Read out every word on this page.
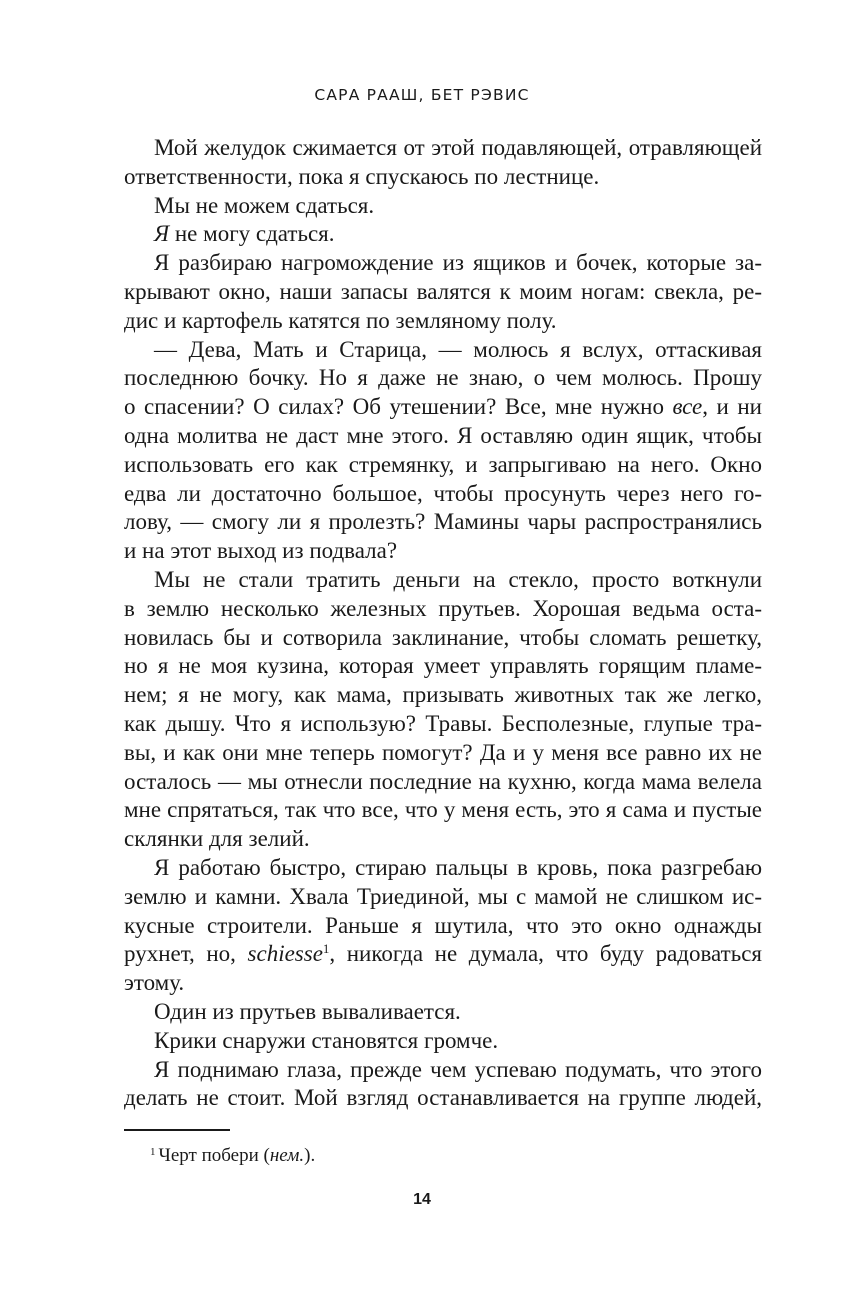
САРА РААШ, БЕТ РЭВИС
Мой желудок сжимается от этой подавляющей, отравляющей
ответственности, пока я спускаюсь по лестнице.
Мы не можем сдаться.
Я не могу сдаться.
Я разбираю нагромождение из ящиков и бочек, которые за-
крывают окно, наши запасы валятся к моим ногам: свекла, ре-
дис и картофель катятся по земляному полу.
— Дева, Мать и Старица, — молюсь я вслух, оттаскивая
последнюю бочку. Но я даже не знаю, о чем молюсь. Прошу
о спасении? О силах? Об утешении? Все, мне нужно все, и ни
одна молитва не даст мне этого. Я оставляю один ящик, чтобы
использовать его как стремянку, и запрыгиваю на него. Окно
едва ли достаточно большое, чтобы просунуть через него го-
лову, — смогу ли я пролезть? Мамины чары распространялись
и на этот выход из подвала?
Мы не стали тратить деньги на стекло, просто воткнули
в землю несколько железных прутьев. Хорошая ведьма оста-
новилась бы и сотворила заклинание, чтобы сломать решетку,
но я не моя кузина, которая умеет управлять горящим пламе-
нем; я не могу, как мама, призывать животных так же легко,
как дышу. Что я использую? Травы. Бесполезные, глупые тра-
вы, и как они мне теперь помогут? Да и у меня все равно их не
осталось — мы отнесли последние на кухню, когда мама велела
мне спрятаться, так что все, что у меня есть, это я сама и пустые
склянки для зелий.
Я работаю быстро, стираю пальцы в кровь, пока разгребаю
землю и камни. Хвала Триединой, мы с мамой не слишком ис-
кусные строители. Раньше я шутила, что это окно однажды
рухнет, но, schiesse$^1$, никогда не думала, что буду радоваться
этому.
Один из прутьев вываливается.
Крики снаружи становятся громче.
Я поднимаю глаза, прежде чем успеваю подумать, что этого
делать не стоит. Мой взгляд останавливается на группе людей,
$^1$ Черт побери (нем.).
14
